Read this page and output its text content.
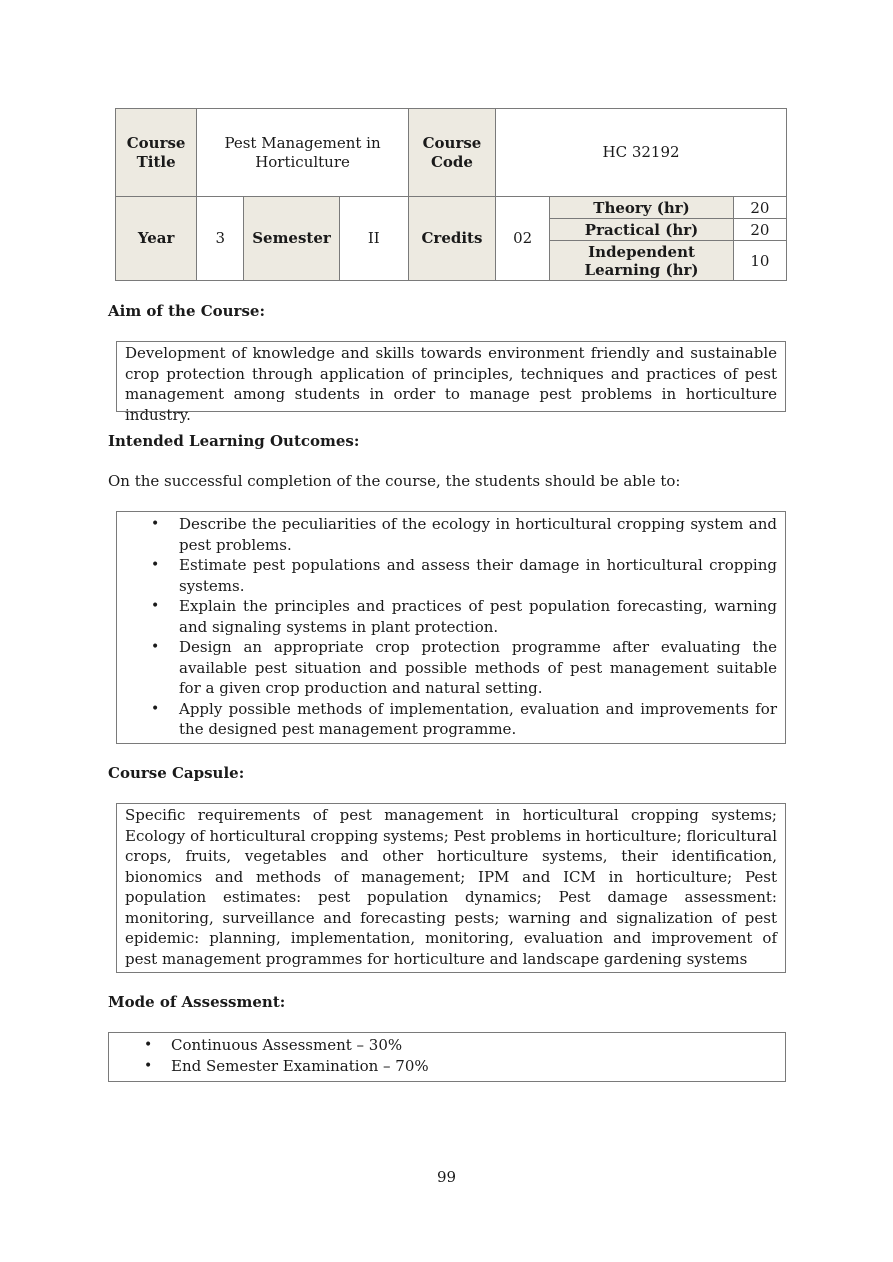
Course Title	Pest Management in Horticulture			Course Code	HC 32192		
Year	3	Semester	II	Credits	02	Theory (hr)	20
						Practical (hr)	20
						Independent Learning (hr)	10
Aim of the Course:
Development of knowledge and skills towards environment friendly and sustainable crop protection through application of principles, techniques and practices of pest management among students in order to manage pest problems in horticulture industry.
Intended Learning Outcomes:
On the successful completion of the course, the students should be able to:
• Describe the peculiarities of the ecology in horticultural cropping system and pest problems.
• Estimate pest populations and assess their damage in horticultural cropping systems.
• Explain the principles and practices of pest population forecasting, warning and signaling systems in plant protection.
• Design an appropriate crop protection programme after evaluating the available pest situation and possible methods of pest management suitable for a given crop production and natural setting.
• Apply possible methods of implementation, evaluation and improvements for the designed pest management programme.
Course Capsule:
Specific requirements of pest management in horticultural cropping systems; Ecology of horticultural cropping systems; Pest problems in horticulture; floricultural crops, fruits, vegetables and other horticulture systems, their identification, bionomics and methods of management; IPM and ICM in horticulture; Pest population estimates: pest population dynamics; Pest damage assessment: monitoring, surveillance and forecasting pests; warning and signalization of pest epidemic: planning, implementation, monitoring, evaluation and improvement of pest management programmes for horticulture and landscape gardening systems
Mode of Assessment:
• Continuous Assessment – 30%
• End Semester Examination – 70%
99
